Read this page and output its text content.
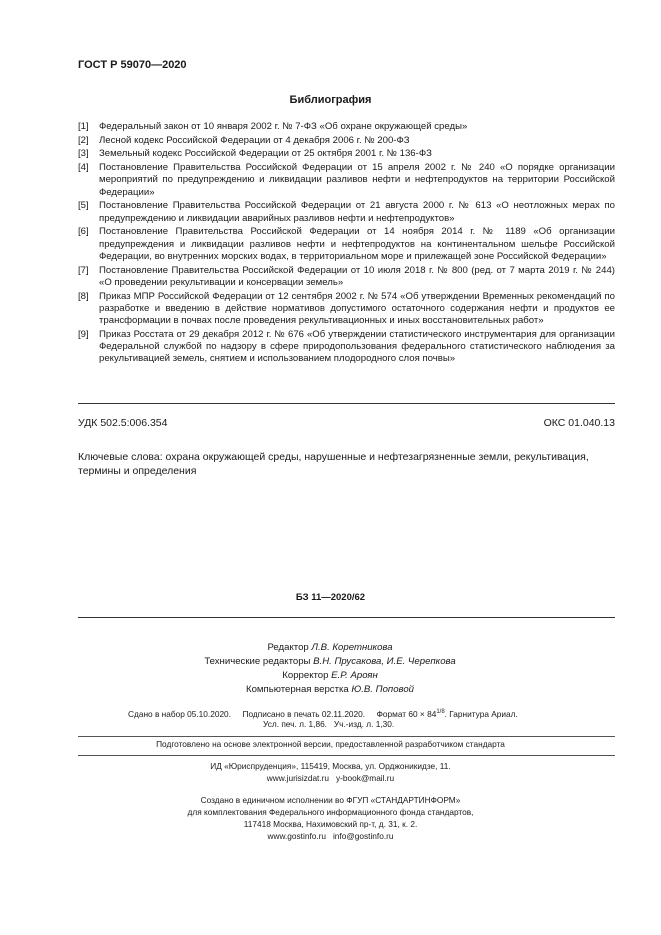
ГОСТ Р 59070—2020
Библиография
[1]	Федеральный закон от 10 января 2002 г. № 7-ФЗ «Об охране окружающей среды»
[2]	Лесной кодекс Российской Федерации от 4 декабря 2006 г. № 200-ФЗ
[3]	Земельный кодекс Российской Федерации от 25 октября 2001 г. № 136-ФЗ
[4]	Постановление Правительства Российской Федерации от 15 апреля 2002 г. № 240 «О порядке организации мероприятий по предупреждению и ликвидации разливов нефти и нефтепродуктов на территории Российской Федерации»
[5]	Постановление Правительства Российской Федерации от 21 августа 2000 г. № 613 «О неотложных мерах по предупреждению и ликвидации аварийных разливов нефти и нефтепродуктов»
[6]	Постановление Правительства Российской Федерации от 14 ноября 2014 г. № 1189 «Об организации предупреждения и ликвидации разливов нефти и нефтепродуктов на континентальном шельфе Российской Федерации, во внутренних морских водах, в территориальном море и прилежащей зоне Российской Федерации»
[7]	Постановление Правительства Российской Федерации от 10 июля 2018 г. № 800 (ред. от 7 марта 2019 г. № 244) «О проведении рекультивации и консервации земель»
[8]	Приказ МПР Российской Федерации от 12 сентября 2002 г. № 574 «Об утверждении Временных рекомендаций по разработке и введению в действие нормативов допустимого остаточного содержания нефти и продуктов ее трансформации в почвах после проведения рекультивационных и иных восстановительных работ»
[9]	Приказ Росстата от 29 декабря 2012 г. № 676 «Об утверждении статистического инструментария для организации Федеральной службой по надзору в сфере природопользования федерального статистического наблюдения за рекультивацией земель, снятием и использованием плодородного слоя почвы»
УДК 502.5:006.354	ОКС 01.040.13
Ключевые слова: охрана окружающей среды, нарушенные и нефтезагрязненные земли, рекультивация, термины и определения
БЗ 11—2020/62
Редактор Л.В. Коретникова
Технические редакторы В.Н. Прусакова, И.Е. Черепкова
Корректор Е.Р. Ароян
Компьютерная верстка Ю.В. Поповой
Сдано в набор 05.10.2020. Подписано в печать 02.11.2020. Формат $60 \times 84^{1/8}$. Гарнитура Ариал.
Усл. печ. л. 1,86.   Уч.-изд. л. 1,30.
Подготовлено на основе электронной версии, предоставленной разработчиком стандарта
ИД «Юриспруденция», 115419, Москва, ул. Орджоникидзе, 11.
www.jurisizdat.ru   y-book@mail.ru
Создано в единичном исполнении во ФГУП «СТАНДАРТИНФОРМ»
для комплектования Федерального информационного фонда стандартов,
117418 Москва, Нахимовский пр-т, д. 31, к. 2.
www.gostinfo.ru   info@gostinfo.ru
